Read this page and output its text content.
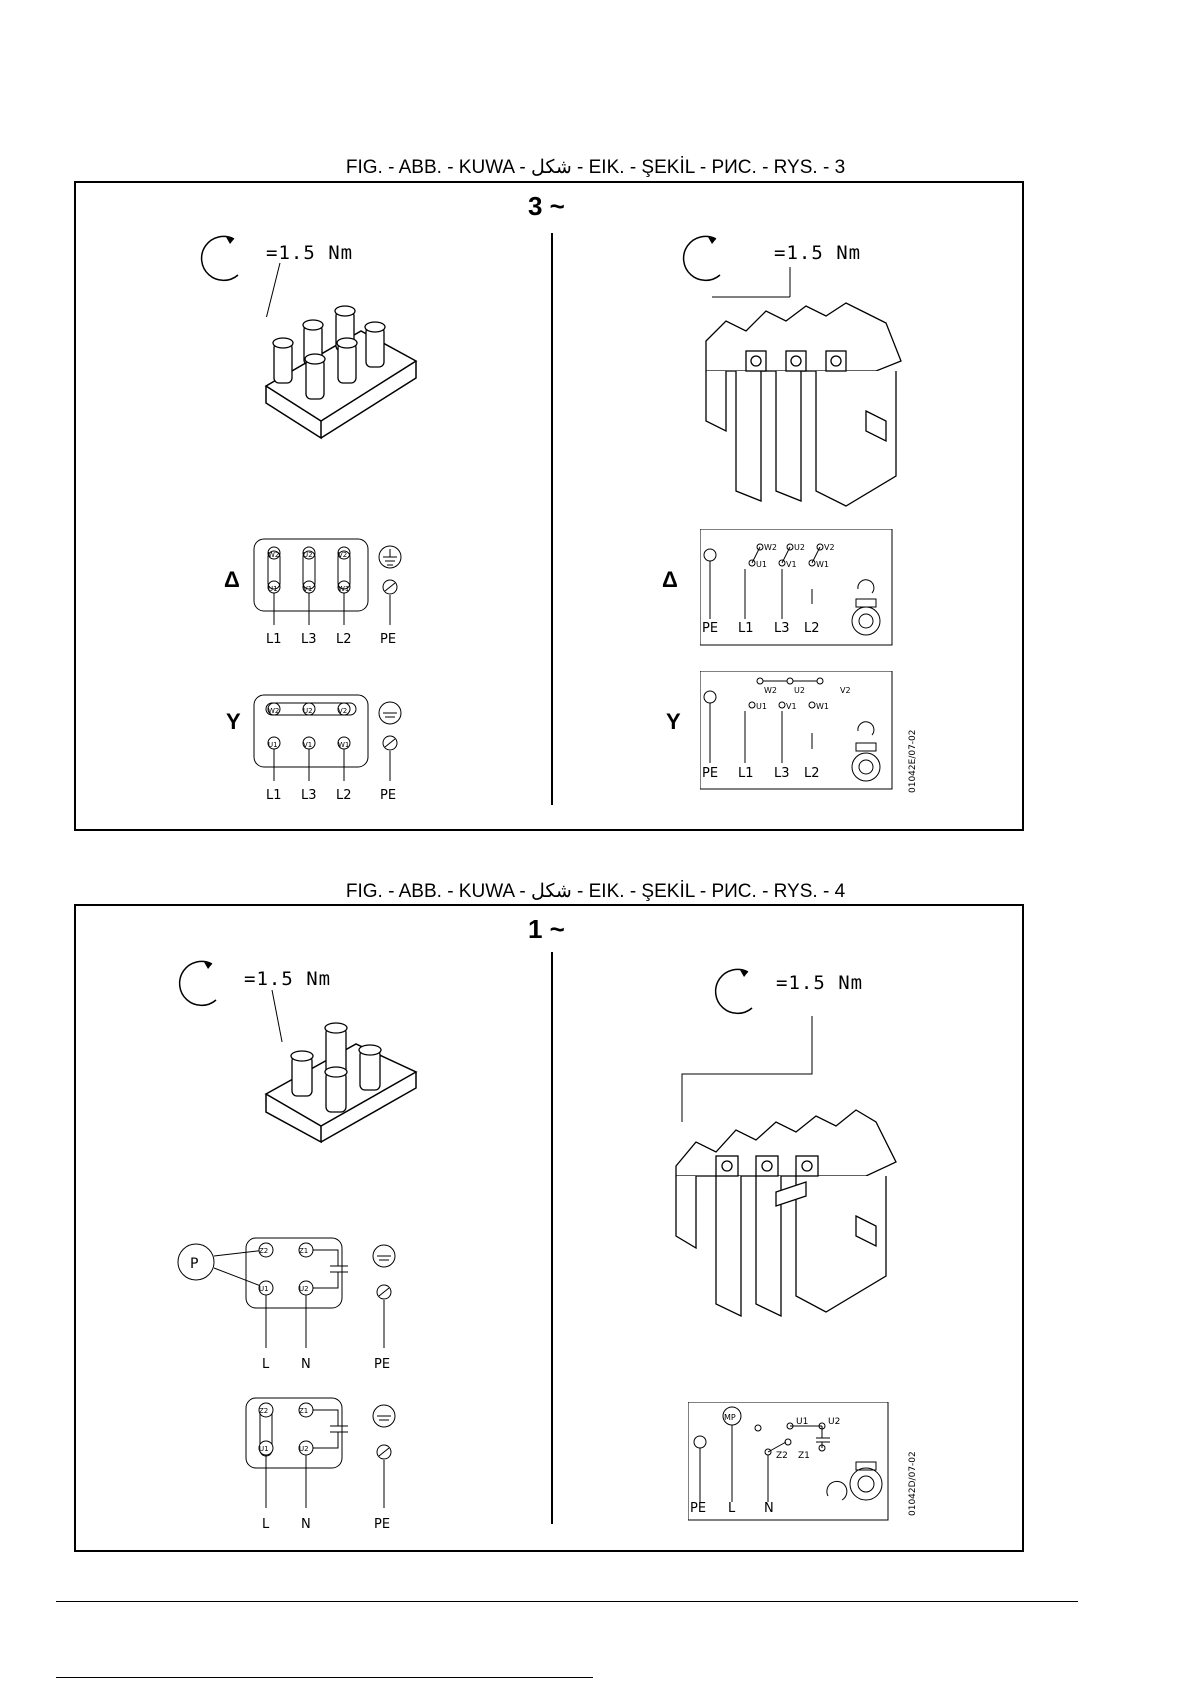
FIG. - ABB. - KUWA - شكل - EIK. - ŞEKİL - РИС. - RYS. - 3
3 ~
=1.5 Nm
Δ
W2	U2	V2
U1	V1	W1
L1 L3 L2 PE
Y	W2	U2	V2
U1	V1	W1
L1 L3 L2 PE
=1.5 Nm
Δ
W2 U2 V2
U1 V1 W1
PE L1 L3 L2
Y
W2 U2	V2
U1 V1 W1
PE L1 L3 L2	01042E/07-02
FIG. - ABB. - KUWA - شكل - EIK. - ŞEKİL - РИС. - RYS. - 4
1 ~
=1.5 Nm
P
Z2	Z1
U1	U2
L N	PE
Z2	Z1
U1	U2
L N	PE
=1.5 Nm
MP	U1 U2
Z2 Z1
PE L N	01042D/07-02
